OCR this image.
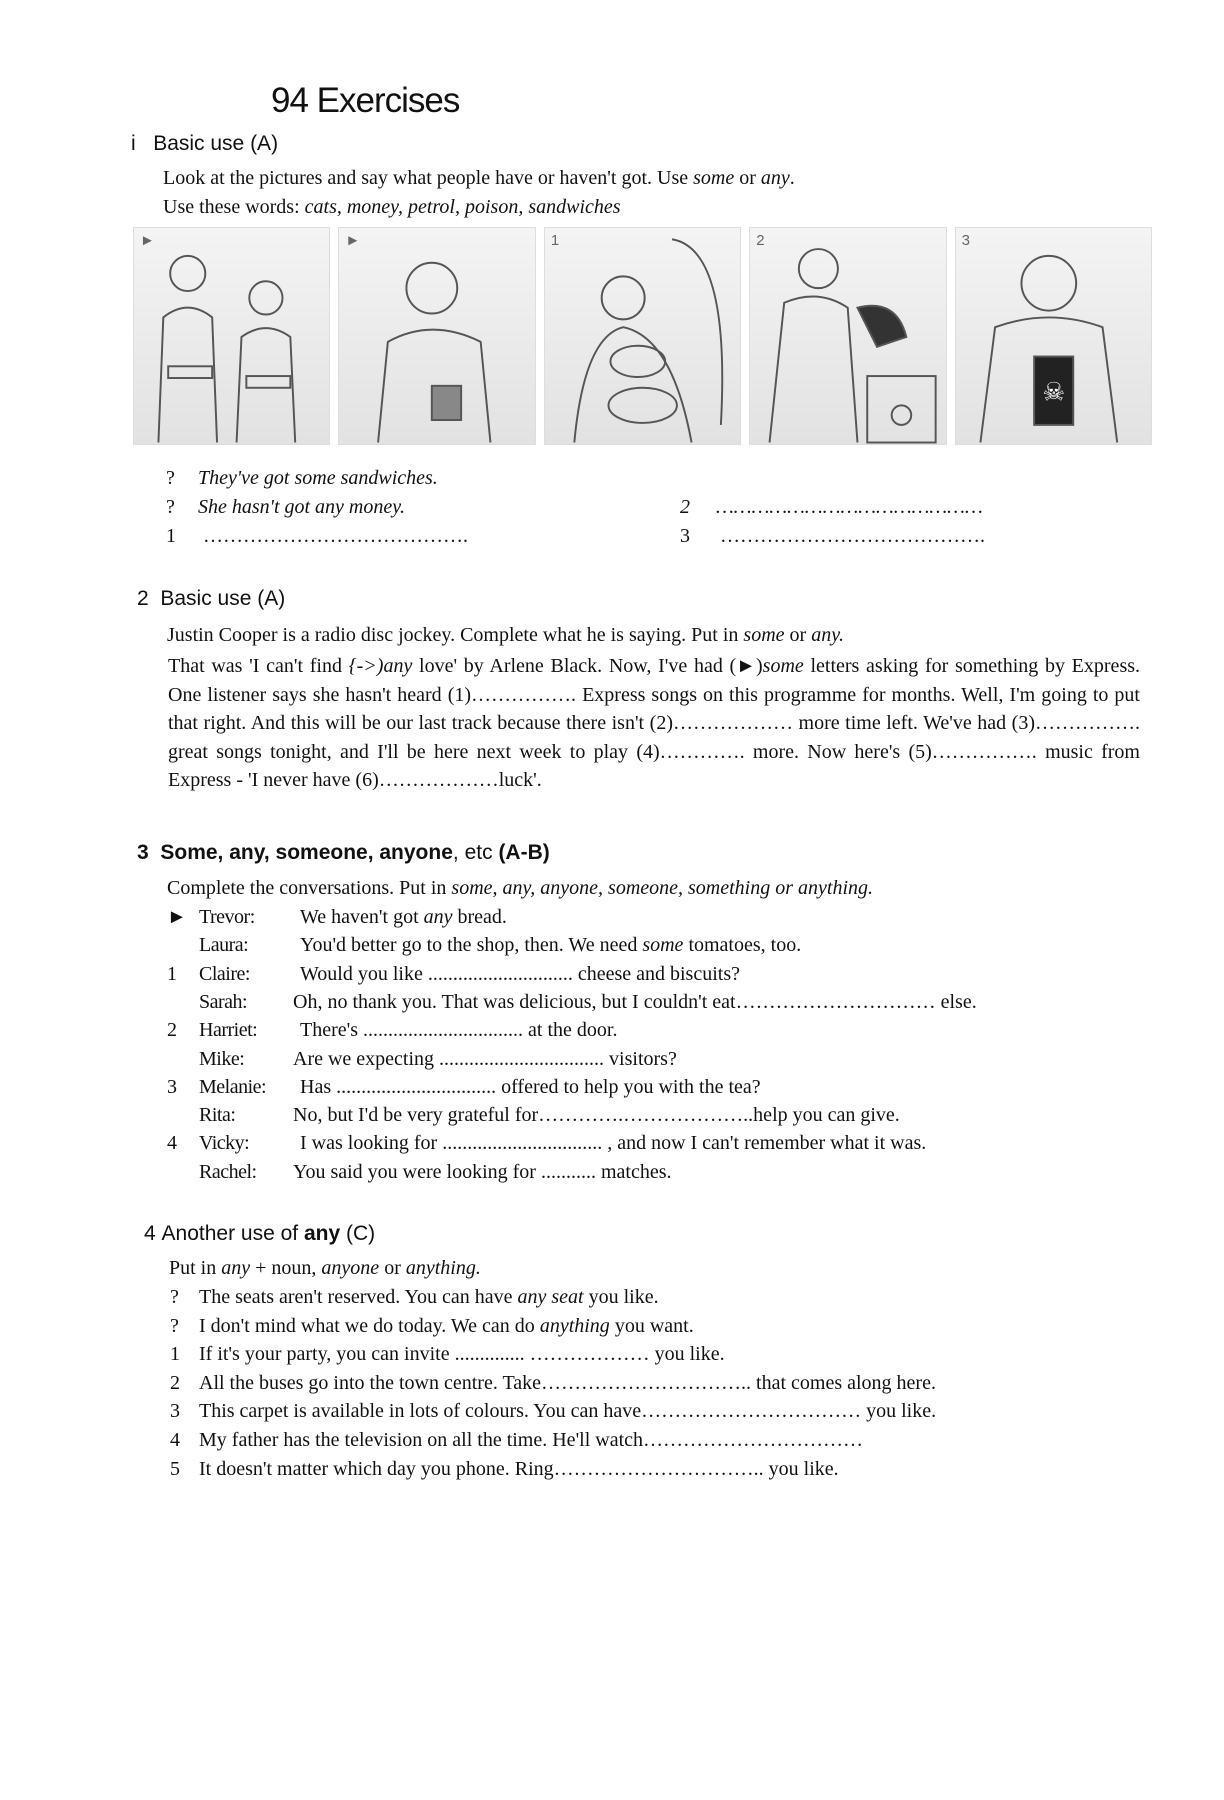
94 Exercises
i Basic use (A)
Look at the pictures and say what people have or haven't got. Use some or any.
Use these words: cats, money, petrol, poison, sandwiches
►	►	1	2	3
☠
? They've got some sandwiches.
? She hasn't got any money.
1 ………………………………….
2 ………………………………………
3 ………………………………….
2 Basic use (A)
Justin Cooper is a radio disc jockey. Complete what he is saying. Put in some or any.
That was 'I can't find {->)any love' by Arlene Black. Now, I've had (►)some letters asking for something by Express. One listener says she hasn't heard (1)……………. Express songs on this programme for months. Well, I'm going to put that right. And this will be our last track because there isn't (2)……………… more time left. We've had (3)……………. great songs tonight, and I'll be here next week to play (4)…………. more. Now here's (5)……………. music from Express - 'I never have (6)………………luck'.
3 Some, any, someone, anyone, etc (A-B)
Complete the conversations. Put in some, any, anyone, someone, something or anything.
► Trevor: We haven't got any bread.
Laura:	You'd better go to the shop, then. We need some tomatoes, too.
1 Claire:	Would you like ............................. cheese and biscuits?
Sarah: Oh, no thank you. That was delicious, but I couldn't eat………………………… else.
2 Harriet: There's ................................ at the door.
Mike: Are we expecting ................................. visitors?
3 Melanie: Has ................................ offered to help you with the tea?
Rita:	No, but I'd be very grateful for………….………………..help you can give.
4 Vicky:	I was looking for ................................ , and now I can't remember what it was.
Rachel: You said you were looking for ........... matches.
4 Another use of any (C)
Put in any + noun, anyone or anything.
? The seats aren't reserved. You can have any seat you like.
? I don't mind what we do today. We can do anything you want.
1 If it's your party, you can invite .............. ……………… you like.
2 All the buses go into the town centre. Take………………………….. that comes along here.
3 This carpet is available in lots of colours. You can have…………………………… you like.
4 My father has the television on all the time. He'll watch……………………………
5 It doesn't matter which day you phone. Ring………………………….. you like.
